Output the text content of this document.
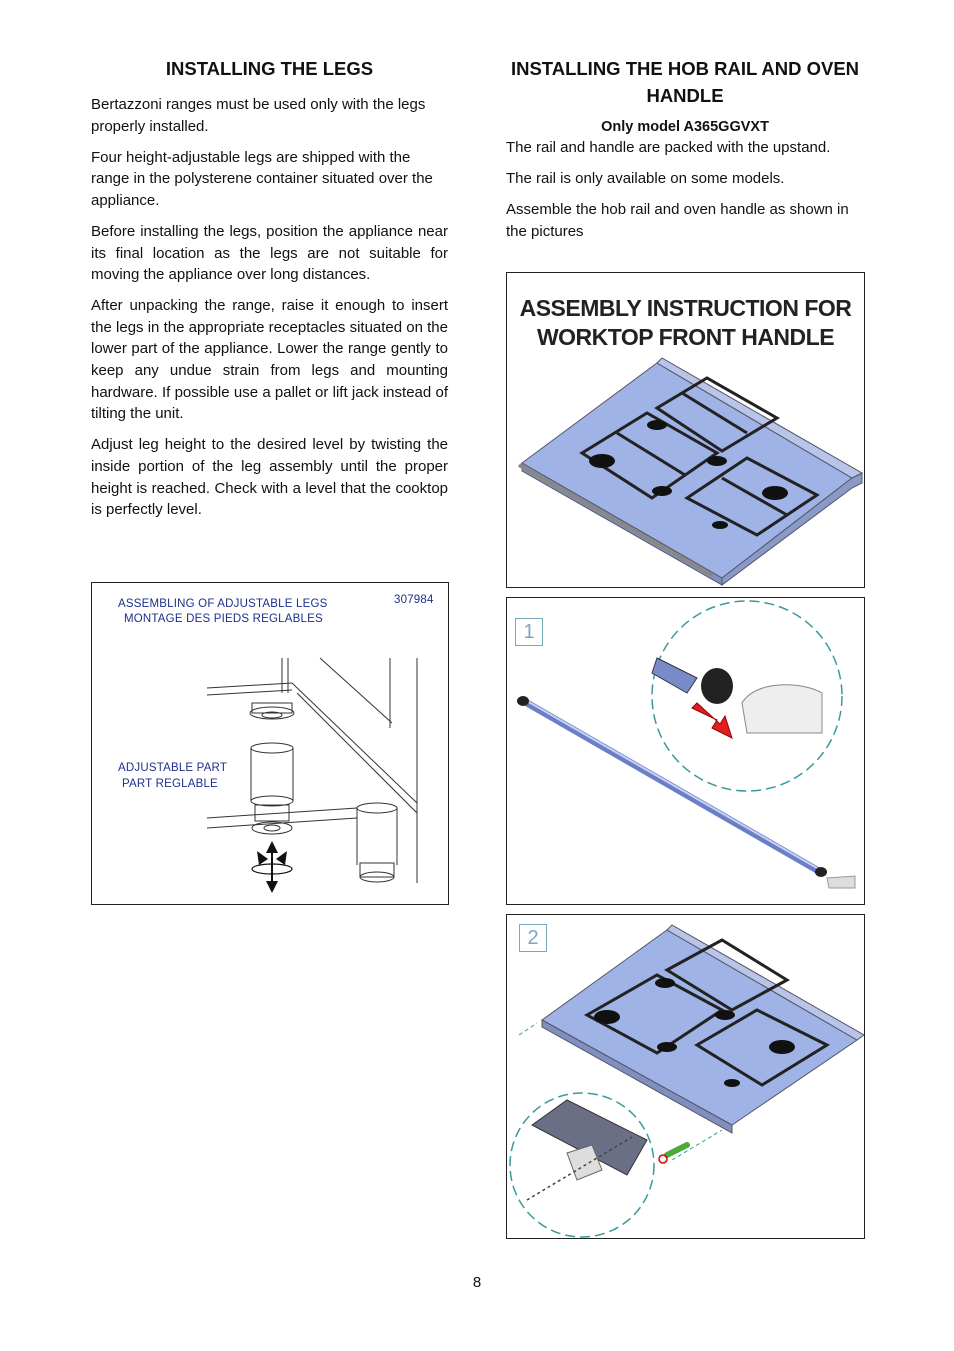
INSTALLING THE LEGS

Bertazzoni ranges must be used only with the legs properly installed.

Four height-adjustable legs are shipped with the range in the polysterene container situated over the appliance.

Before installing the legs, position the appliance near its final location as the legs are not suitable for moving the appliance over long distances.

After unpacking the range, raise it enough to insert the legs in the appropriate receptacles situated on the lower part of the appliance. Lower the range gently to keep any undue strain from legs and mounting hardware. If possible use a pallet or lift jack instead of tilting the unit.

Adjust leg height to the desired level by twisting the inside portion of the leg assembly until the proper height is reached. Check with a level that the cooktop is perfectly level.

ASSEMBLING OF ADJUSTABLE LEGS
MONTAGE DES PIEDS REGLABLES
307984
ADJUSTABLE PART
PART REGLABLE
INSTALLING THE HOB RAIL AND OVEN HANDLE
Only model A365GGVXT

The rail and handle are packed with the upstand.

The rail is only available on some models.

Assemble the hob rail and oven handle as shown in the pictures

ASSEMBLY INSTRUCTION FOR
WORKTOP FRONT HANDLE
1
2
8
